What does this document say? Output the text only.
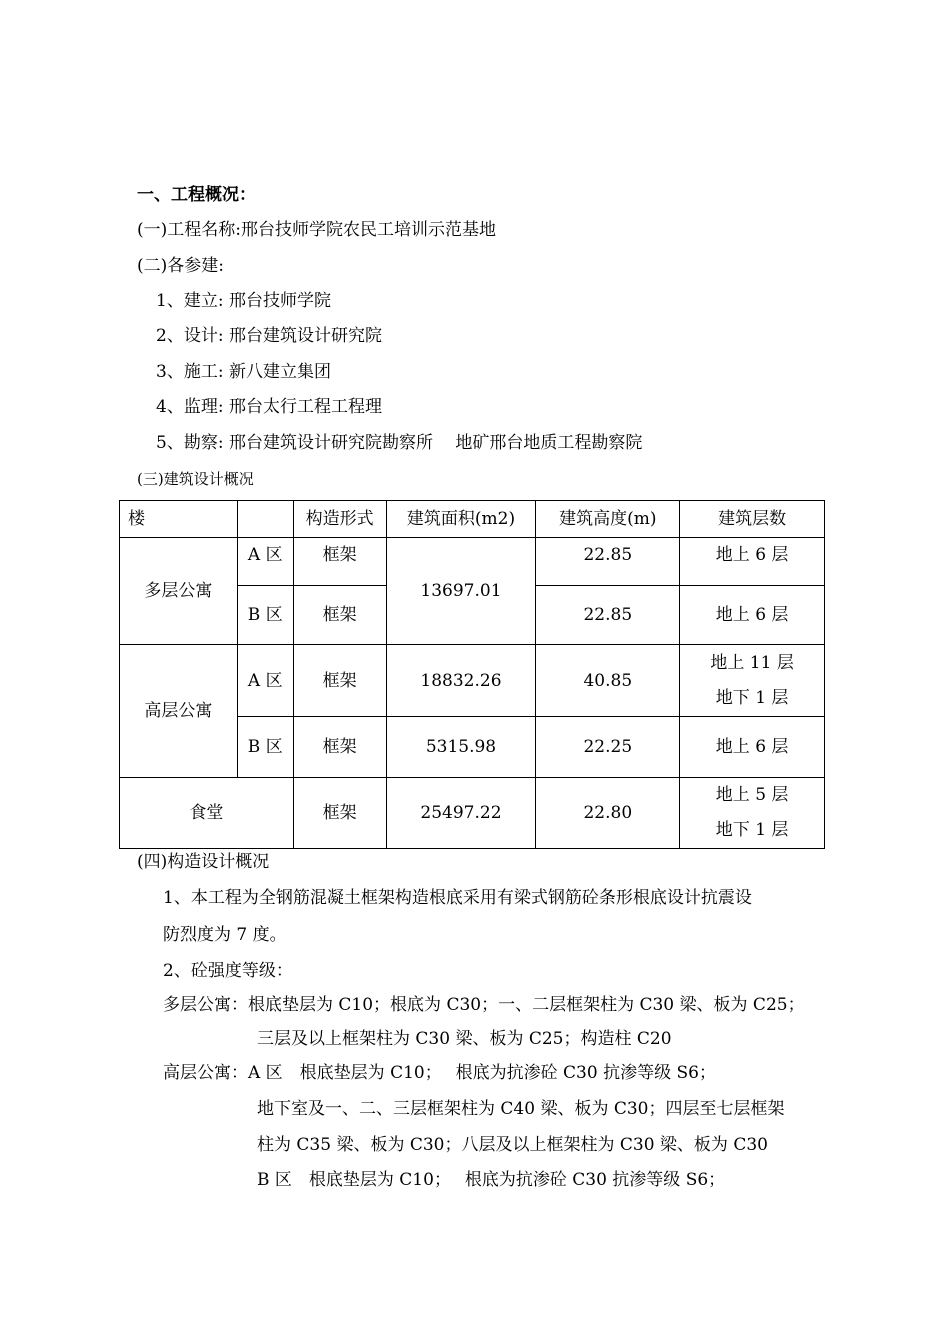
一、工程概况：
(一)工程名称:邢台技师学院农民工培训示范基地
(二)各参建:
1、建立: 邢台技师学院
2、设计: 邢台建筑设计研究院
3、施工: 新八建立集团
4、监理: 邢台太行工程工程理
5、勘察: 邢台建筑设计研究院勘察所　 地矿邢台地质工程勘察院
(三)建筑设计概况
楼		构造形式	建筑面积(m2)	建筑高度(m)	建筑层数
多层公寓	A 区	框架	13697.01	22.85	地上 6 层
	B 区	框架		22.85	地上 6 层
高层公寓	A 区	框架	18832.26	40.85	地上 11 层
地下 1 层

	B 区	框架	5315.98	22.25	地上 6 层
食堂		框架	25497.22	22.80	地上 5 层
地下 1 层
(四)构造设计概况
1、本工程为全钢筋混凝土框架构造根底采用有梁式钢筋砼条形根底设计抗震设
防烈度为 7 度。
2、砼强度等级：
多层公寓：根底垫层为 C10；根底为 C30；一、二层框架柱为 C30 梁、板为 C25；
三层及以上框架柱为 C30 梁、板为 C25；构造柱 C20
高层公寓：A 区　根底垫层为 C10；　 根底为抗渗砼 C30 抗渗等级 S6；
地下室及一、二、三层框架柱为 C40 梁、板为 C30；四层至七层框架
柱为 C35 梁、板为 C30；八层及以上框架柱为 C30 梁、板为 C30
B 区　根底垫层为 C10；　 根底为抗渗砼 C30 抗渗等级 S6；
